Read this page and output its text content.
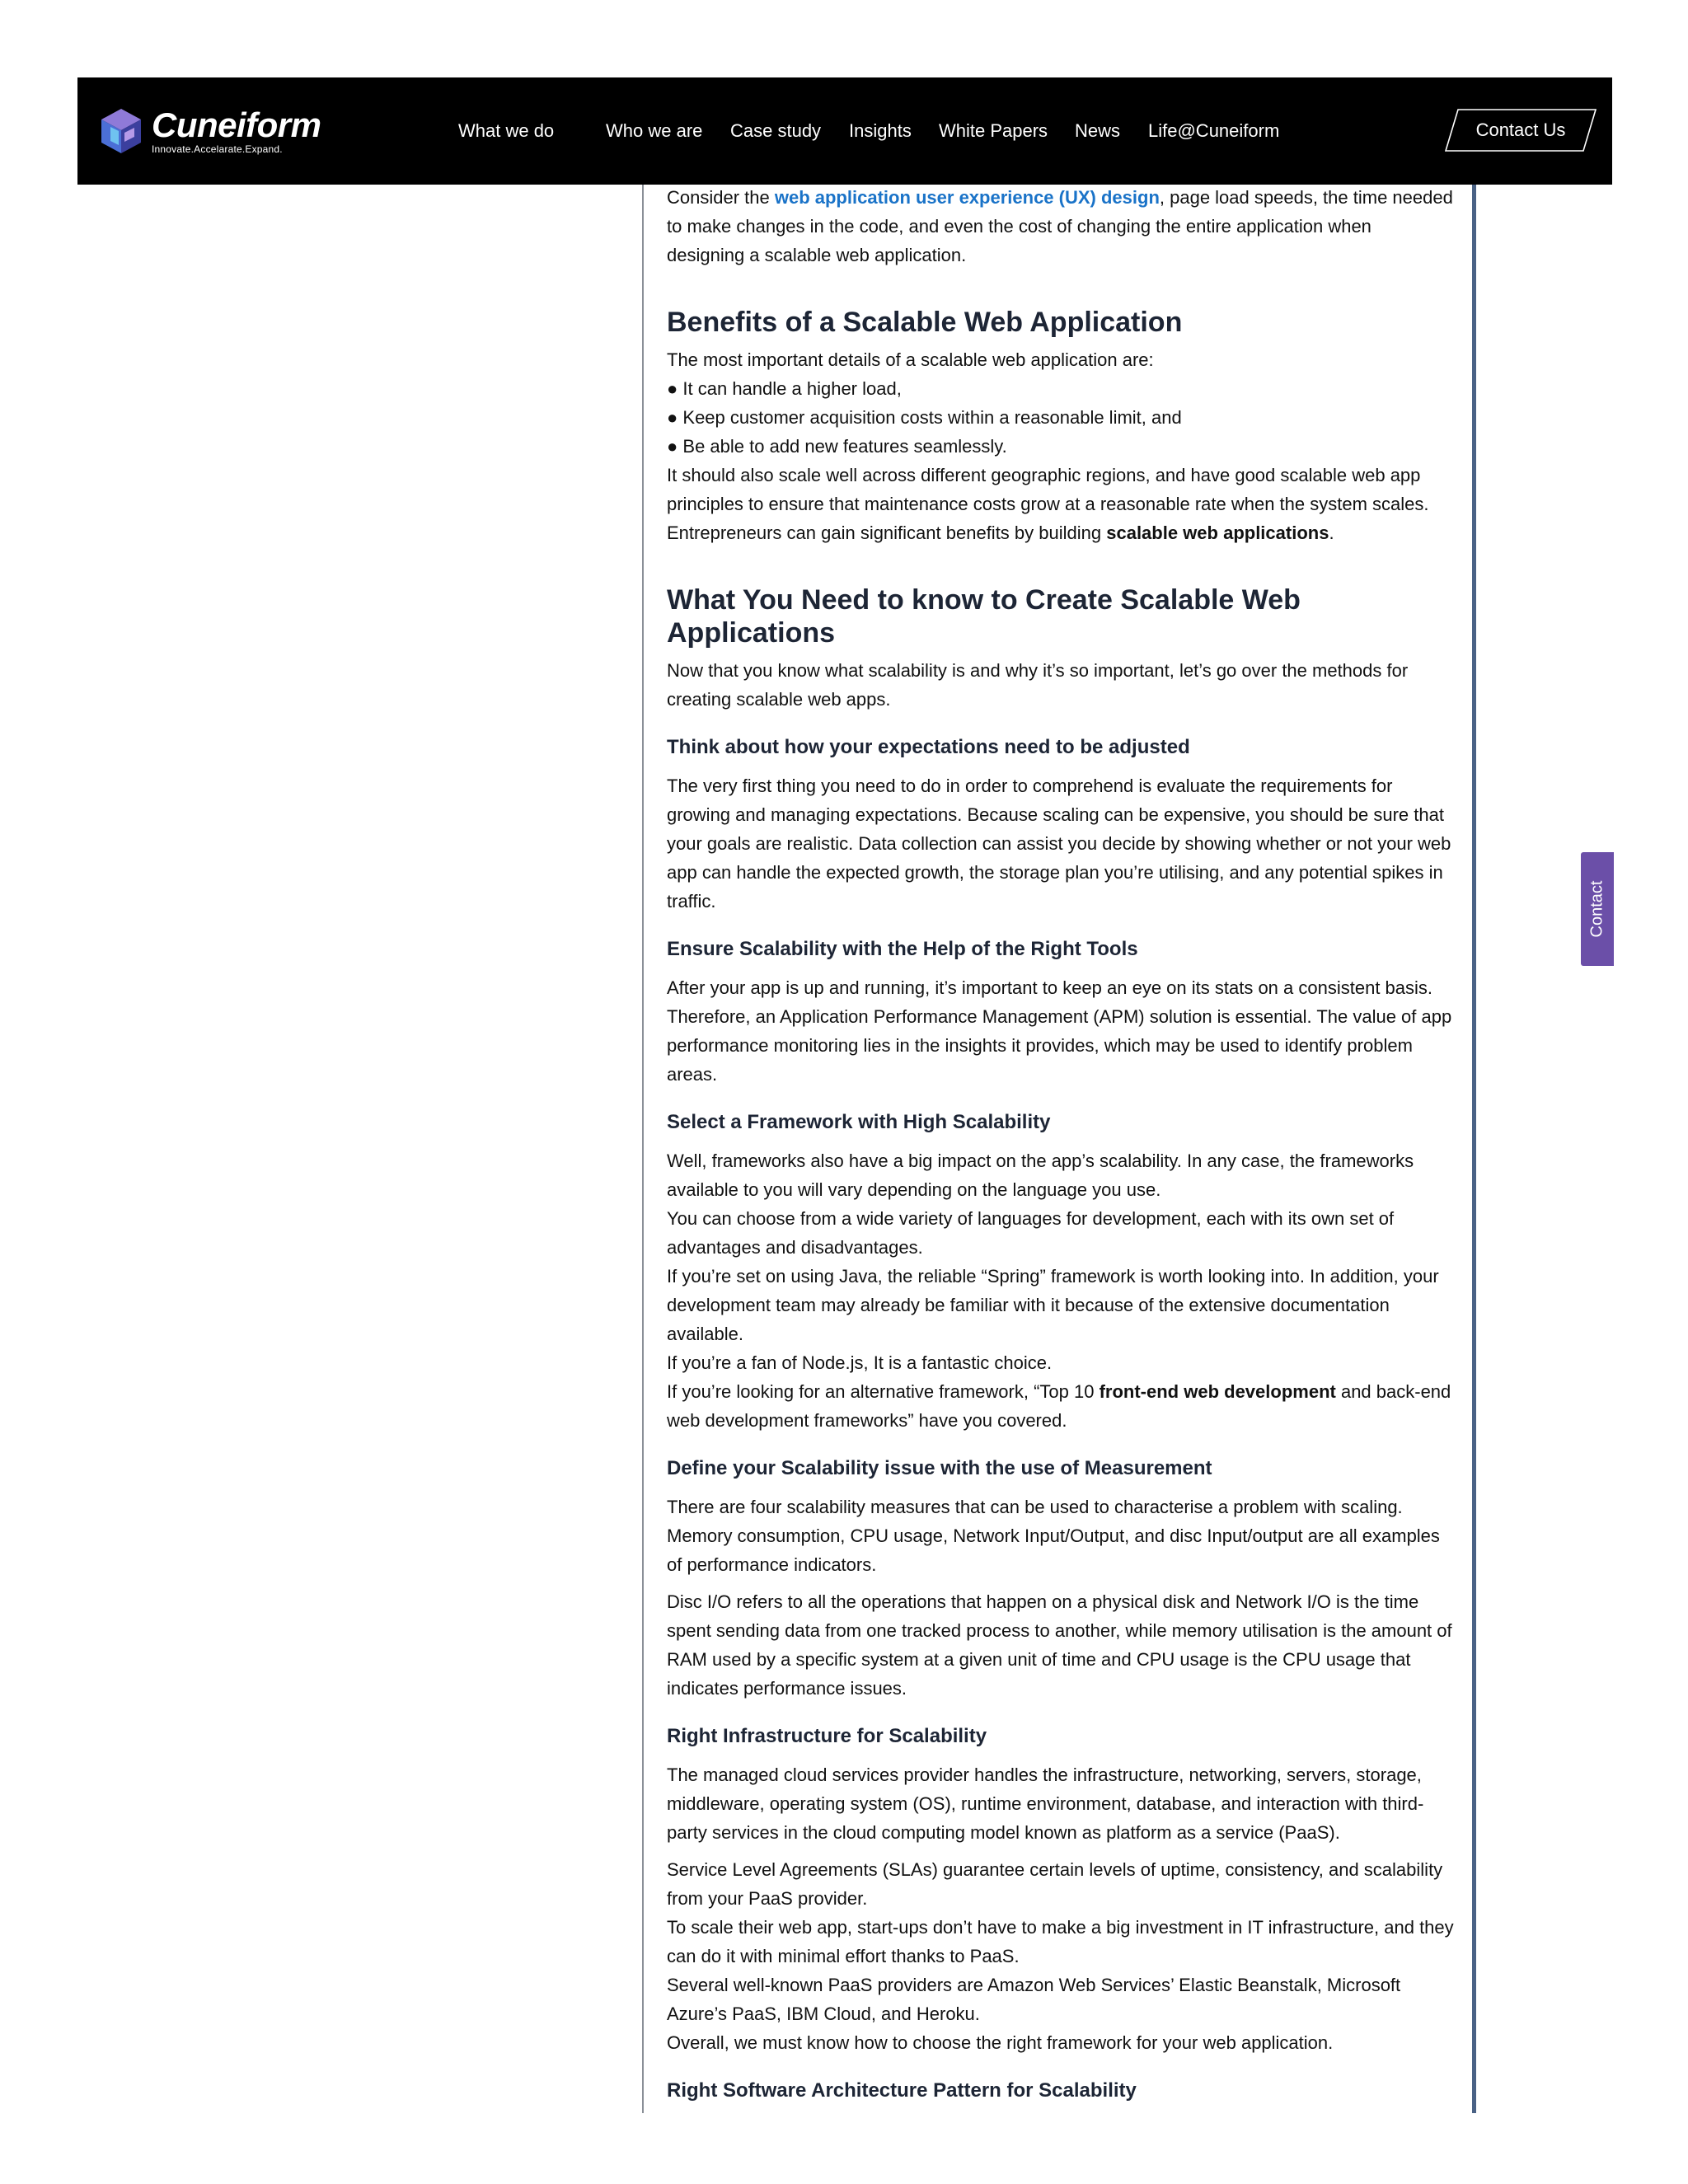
Cuneiform
Innovate.Accelarate.Expand.
What we do	Who we are Case study Insights White Papers News Life@Cuneiform	Contact Us

Consider the web application user experience (UX) design, page load speeds, the time needed to make changes in the code, and even the cost of changing the entire application when designing a scalable web application.

Benefits of a Scalable Web Application

The most important details of a scalable web application are:

● It can handle a higher load,

● Keep customer acquisition costs within a reasonable limit, and

● Be able to add new features seamlessly.

It should also scale well across different geographic regions, and have good scalable web app principles to ensure that maintenance costs grow at a reasonable rate when the system scales.

Entrepreneurs can gain significant benefits by building scalable web applications.

What You Need to know to Create Scalable Web Applications

Now that you know what scalability is and why it’s so important, let’s go over the methods for creating scalable web apps.

Think about how your expectations need to be adjusted

The very first thing you need to do in order to comprehend is evaluate the requirements for growing and managing expectations. Because scaling can be expensive, you should be sure that your goals are realistic. Data collection can assist you decide by showing whether or not your web app can handle the expected growth, the storage plan you’re utilising, and any potential spikes in traffic.

Ensure Scalability with the Help of the Right Tools

After your app is up and running, it’s important to keep an eye on its stats on a consistent basis. Therefore, an Application Performance Management (APM) solution is essential. The value of app performance monitoring lies in the insights it provides, which may be used to identify problem areas.

Select a Framework with High Scalability

Well, frameworks also have a big impact on the app’s scalability. In any case, the frameworks available to you will vary depending on the language you use.

You can choose from a wide variety of languages for development, each with its own set of advantages and disadvantages.

If you’re set on using Java, the reliable “Spring” framework is worth looking into. In addition, your development team may already be familiar with it because of the extensive documentation available.

If you’re a fan of Node.js, It is a fantastic choice.

If you’re looking for an alternative framework, “Top 10 front-end web development and back-end web development frameworks” have you covered.

Define your Scalability issue with the use of Measurement

There are four scalability measures that can be used to characterise a problem with scaling. Memory consumption, CPU usage, Network Input/Output, and disc Input/output are all examples of performance indicators.

Disc I/O refers to all the operations that happen on a physical disk and Network I/O is the time spent sending data from one tracked process to another, while memory utilisation is the amount of RAM used by a specific system at a given unit of time and CPU usage is the CPU usage that indicates performance issues.

Right Infrastructure for Scalability

The managed cloud services provider handles the infrastructure, networking, servers, storage, middleware, operating system (OS), runtime environment, database, and interaction with third-party services in the cloud computing model known as platform as a service (PaaS).

Service Level Agreements (SLAs) guarantee certain levels of uptime, consistency, and scalability from your PaaS provider.

To scale their web app, start-ups don’t have to make a big investment in IT infrastructure, and they can do it with minimal effort thanks to PaaS.

Several well-known PaaS providers are Amazon Web Services’ Elastic Beanstalk, Microsoft Azure’s PaaS, IBM Cloud, and Heroku.

Overall, we must know how to choose the right framework for your web application.

Right Software Architecture Pattern for Scalability
Contact
